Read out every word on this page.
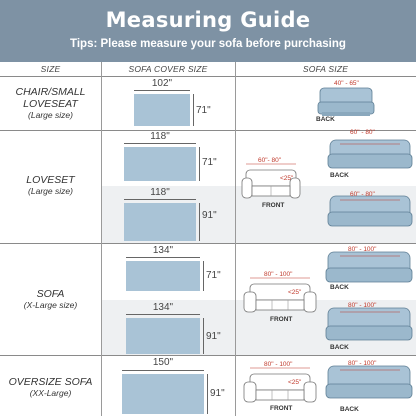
Measuring Guide
Tips: Please measure your sofa before purchasing
SIZE	SOFA COVER SIZE	SOFA SIZE
CHAIR/SMALL LOVESEAT
(Large size)
102"
71"
40" - 65"
BACK
LOVESET
(Large size)
118"
71"
118"
91"
60"- 80"
<25"
FRONT
60" - 80"
BACK
60" - 80"
SOFA
(X-Large size)
134"
71"
134"
91"
80" - 100"
<25"
FRONT
80" - 100"
BACK
80" - 100"
BACK
OVERSIZE SOFA
(XX-Large)
150"
91"
80" - 100"
<25"
FRONT
80" - 100"
BACK
